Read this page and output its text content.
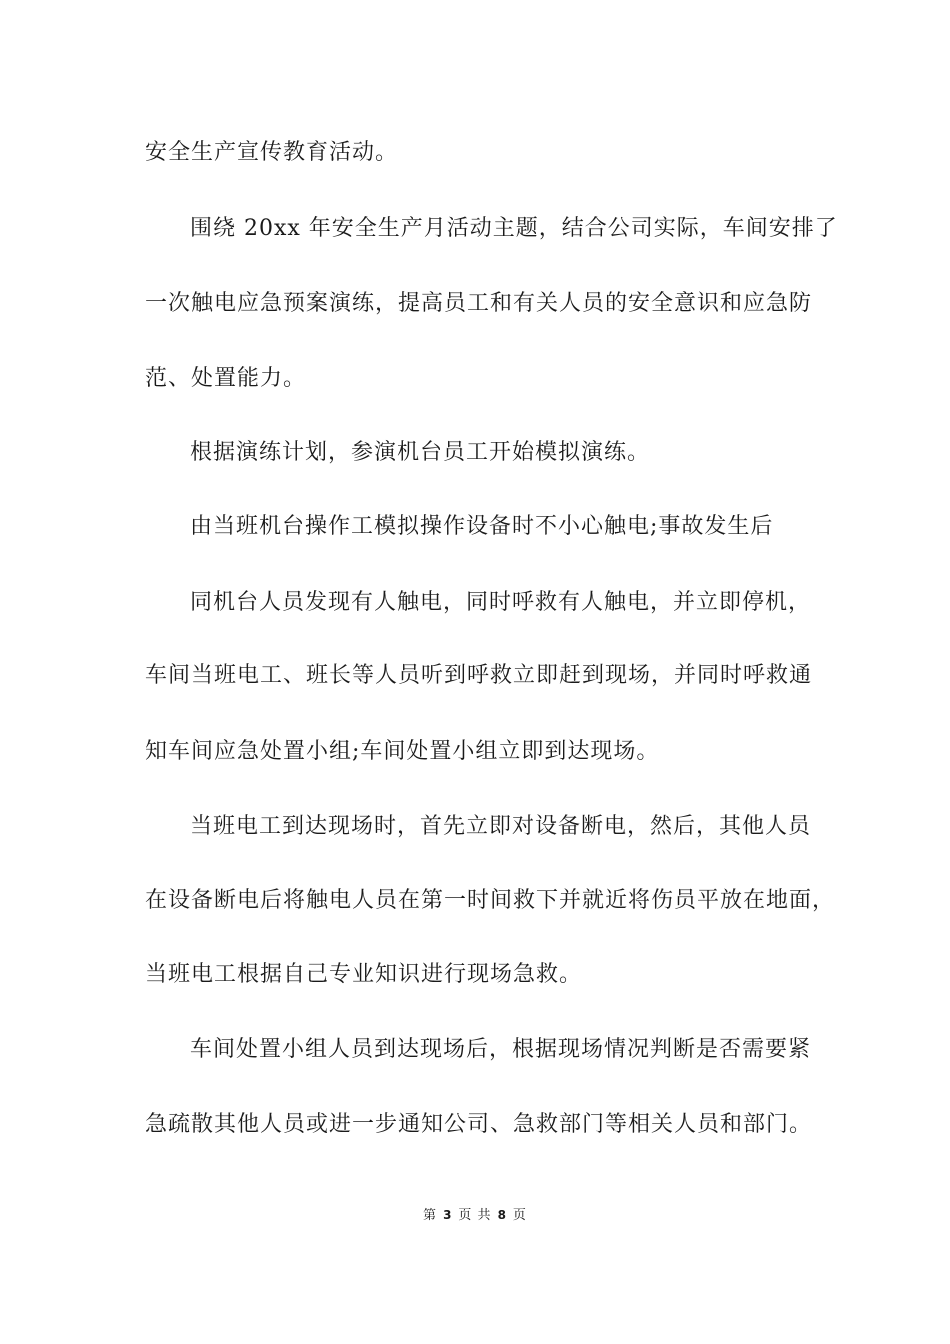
安全生产宣传教育活动。
围绕 20xx 年安全生产月活动主题，结合公司实际，车间安排了
一次触电应急预案演练，提高员工和有关人员的安全意识和应急防
范、处置能力。
根据演练计划，参演机台员工开始模拟演练。
由当班机台操作工模拟操作设备时不小心触电;事故发生后
同机台人员发现有人触电，同时呼救有人触电，并立即停机，
车间当班电工、班长等人员听到呼救立即赶到现场，并同时呼救通
知车间应急处置小组;车间处置小组立即到达现场。
当班电工到达现场时，首先立即对设备断电，然后，其他人员
在设备断电后将触电人员在第一时间救下并就近将伤员平放在地面，
当班电工根据自己专业知识进行现场急救。
车间处置小组人员到达现场后，根据现场情况判断是否需要紧
急疏散其他人员或进一步通知公司、急救部门等相关人员和部门。
第 3 页 共 8 页
